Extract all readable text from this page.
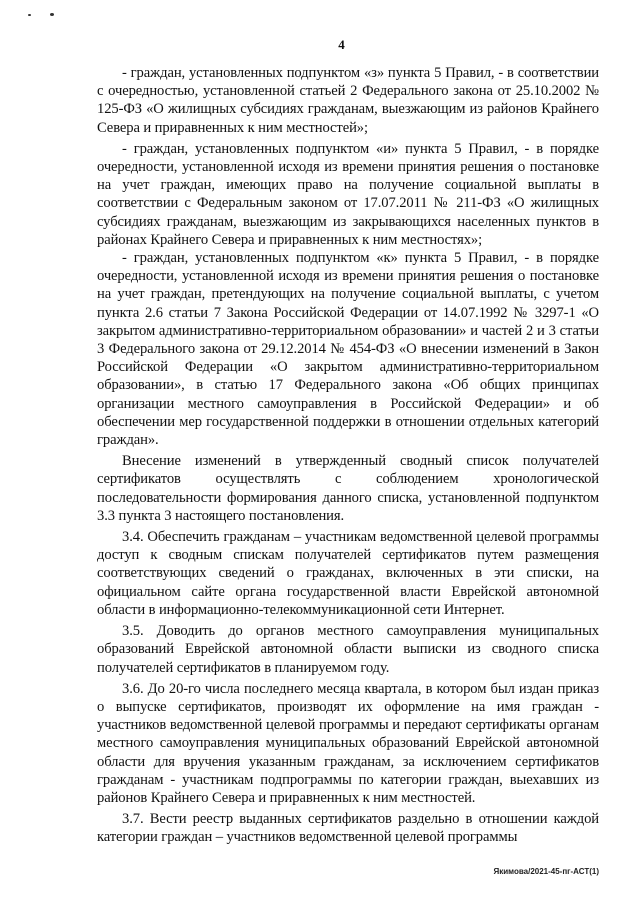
4

- граждан, установленных подпунктом «з» пункта 5 Правил, - в соответствии с очередностью, установленной статьей 2 Федерального закона от 25.10.2002 № 125-ФЗ «О жилищных субсидиях гражданам, выезжающим из районов Крайнего Севера и приравненных к ним местностей»;

- граждан, установленных подпунктом «и» пункта 5 Правил, - в порядке очередности, установленной исходя из времени принятия решения о постановке на учет граждан, имеющих право на получение социальной выплаты в соответствии с Федеральным законом от 17.07.2011 № 211-ФЗ «О жилищных субсидиях гражданам, выезжающим из закрывающихся населенных пунктов в районах Крайнего Севера и приравненных к ним местностях»;

- граждан, установленных подпунктом «к» пункта 5 Правил, - в порядке очередности, установленной исходя из времени принятия решения о постановке на учет граждан, претендующих на получение социальной выплаты, с учетом пункта 2.6 статьи 7 Закона Российской Федерации от 14.07.1992 № 3297-1 «О закрытом административно-территориальном образовании» и частей 2 и 3 статьи 3 Федерального закона от 29.12.2014 № 454-ФЗ «О внесении изменений в Закон Российской Федерации «О закрытом административно-территориальном образовании», в статью 17 Федерального закона «Об общих принципах организации местного самоуправления в Российской Федерации» и об обеспечении мер государственной поддержки в отношении отдельных категорий граждан».

Внесение изменений в утвержденный сводный список получателей сертификатов осуществлять с соблюдением хронологической последовательности формирования данного списка, установленной подпунктом 3.3 пункта 3 настоящего постановления.

3.4. Обеспечить гражданам – участникам ведомственной целевой программы доступ к сводным спискам получателей сертификатов путем размещения соответствующих сведений о гражданах, включенных в эти списки, на официальном сайте органа государственной власти Еврейской автономной области в информационно-телекоммуникационной сети Интернет.

3.5. Доводить до органов местного самоуправления муниципальных образований Еврейской автономной области выписки из сводного списка получателей сертификатов в планируемом году.

3.6. До 20-го числа последнего месяца квартала, в котором был издан приказ о выпуске сертификатов, производят их оформление на имя граждан - участников ведомственной целевой программы и передают сертификаты органам местного самоуправления муниципальных образований Еврейской автономной области для вручения указанным гражданам, за исключением сертификатов гражданам - участникам подпрограммы по категории граждан, выехавших из районов Крайнего Севера и приравненных к ним местностей.

3.7. Вести реестр выданных сертификатов раздельно в отношении каждой категории граждан – участников ведомственной целевой программы

Якимова/2021-45-пг-АСТ(1)
